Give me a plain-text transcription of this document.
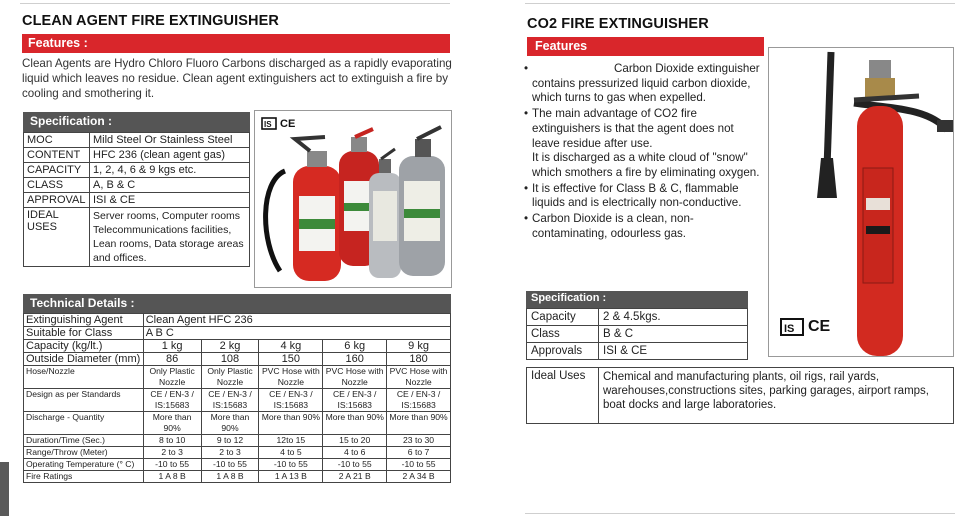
CLEAN AGENT FIRE EXTINGUISHER
Features :

Clean Agents are Hydro Chloro Fluoro Carbons discharged as a rapidly evaporating liquid which leaves no residue. Clean agent extinguishers act to extinguish a fire by cooling and smothering it.

Specification :
MOC	Mild Steel Or Stainless Steel
CONTENT	HFC 236 (clean agent gas)
CAPACITY	1, 2, 4, 6 & 9 kgs etc.
CLASS	A, B & C
APPROVAL	ISI & CE
IDEAL USES	Server rooms, Computer rooms Telecommunications facilities, Lean rooms, Data storage areas and offices.
IS CE
Technical Details :
Extinguishing Agent	Clean Agent HFC 236				
Suitable for Class	A B C				
Capacity (kg/lt.)	1 kg	2 kg	4 kg	6 kg	9 kg
Outside Diameter (mm)	86	108	150	160	180
Hose/Nozzle	Only Plastic Nozzle	Only Plastic Nozzle	PVC Hose with Nozzle	PVC Hose with Nozzle	PVC Hose with Nozzle
Design as per Standards	CE / EN-3 / IS:15683	CE / EN-3 / IS:15683	CE / EN-3 / IS:15683	CE / EN-3 / IS:15683	CE / EN-3 / IS:15683
Discharge - Quantity	More than 90%	More than 90%	More than 90%	More than 90%	More than 90%
Duration/Time (Sec.)	8 to 10	9 to 12	12to 15	15 to 20	23 to 30
Range/Throw (Meter)	2 to 3	2 to 3	4 to 5	4 to 6	6 to 7
Operating Temperature (° C)	-10 to 55	-10 to 55	-10 to 55	-10 to 55	-10 to 55
Fire Ratings	1 A 8 B	1 A 8 B	1 A 13 B	2 A 21 B	2 A 34 B
CO2 FIRE EXTINGUISHER
Features
•	Carbon Dioxide extinguisher contains pressurized liquid carbon dioxide, which turns to gas when expelled.
• The main advantage of CO2 fire extinguishers is that the agent does not leave residue after use.
It is discharged as a white cloud of "snow" which smothers a fire by eliminating oxygen.
• It is effective for Class B & C, flammable liquids and is electrically non-conductive.
• Carbon Dioxide is a clean, non-contaminating, odourless gas.
IS CE
Specification :
Capacity	2 & 4.5kgs.
Class	B & C
Approvals	ISI & CE
Ideal Uses	Chemical and manufacturing plants, oil rigs, rail yards, warehouses,constructions sites, parking garages, airport ramps, boat docks and large laboratories.
